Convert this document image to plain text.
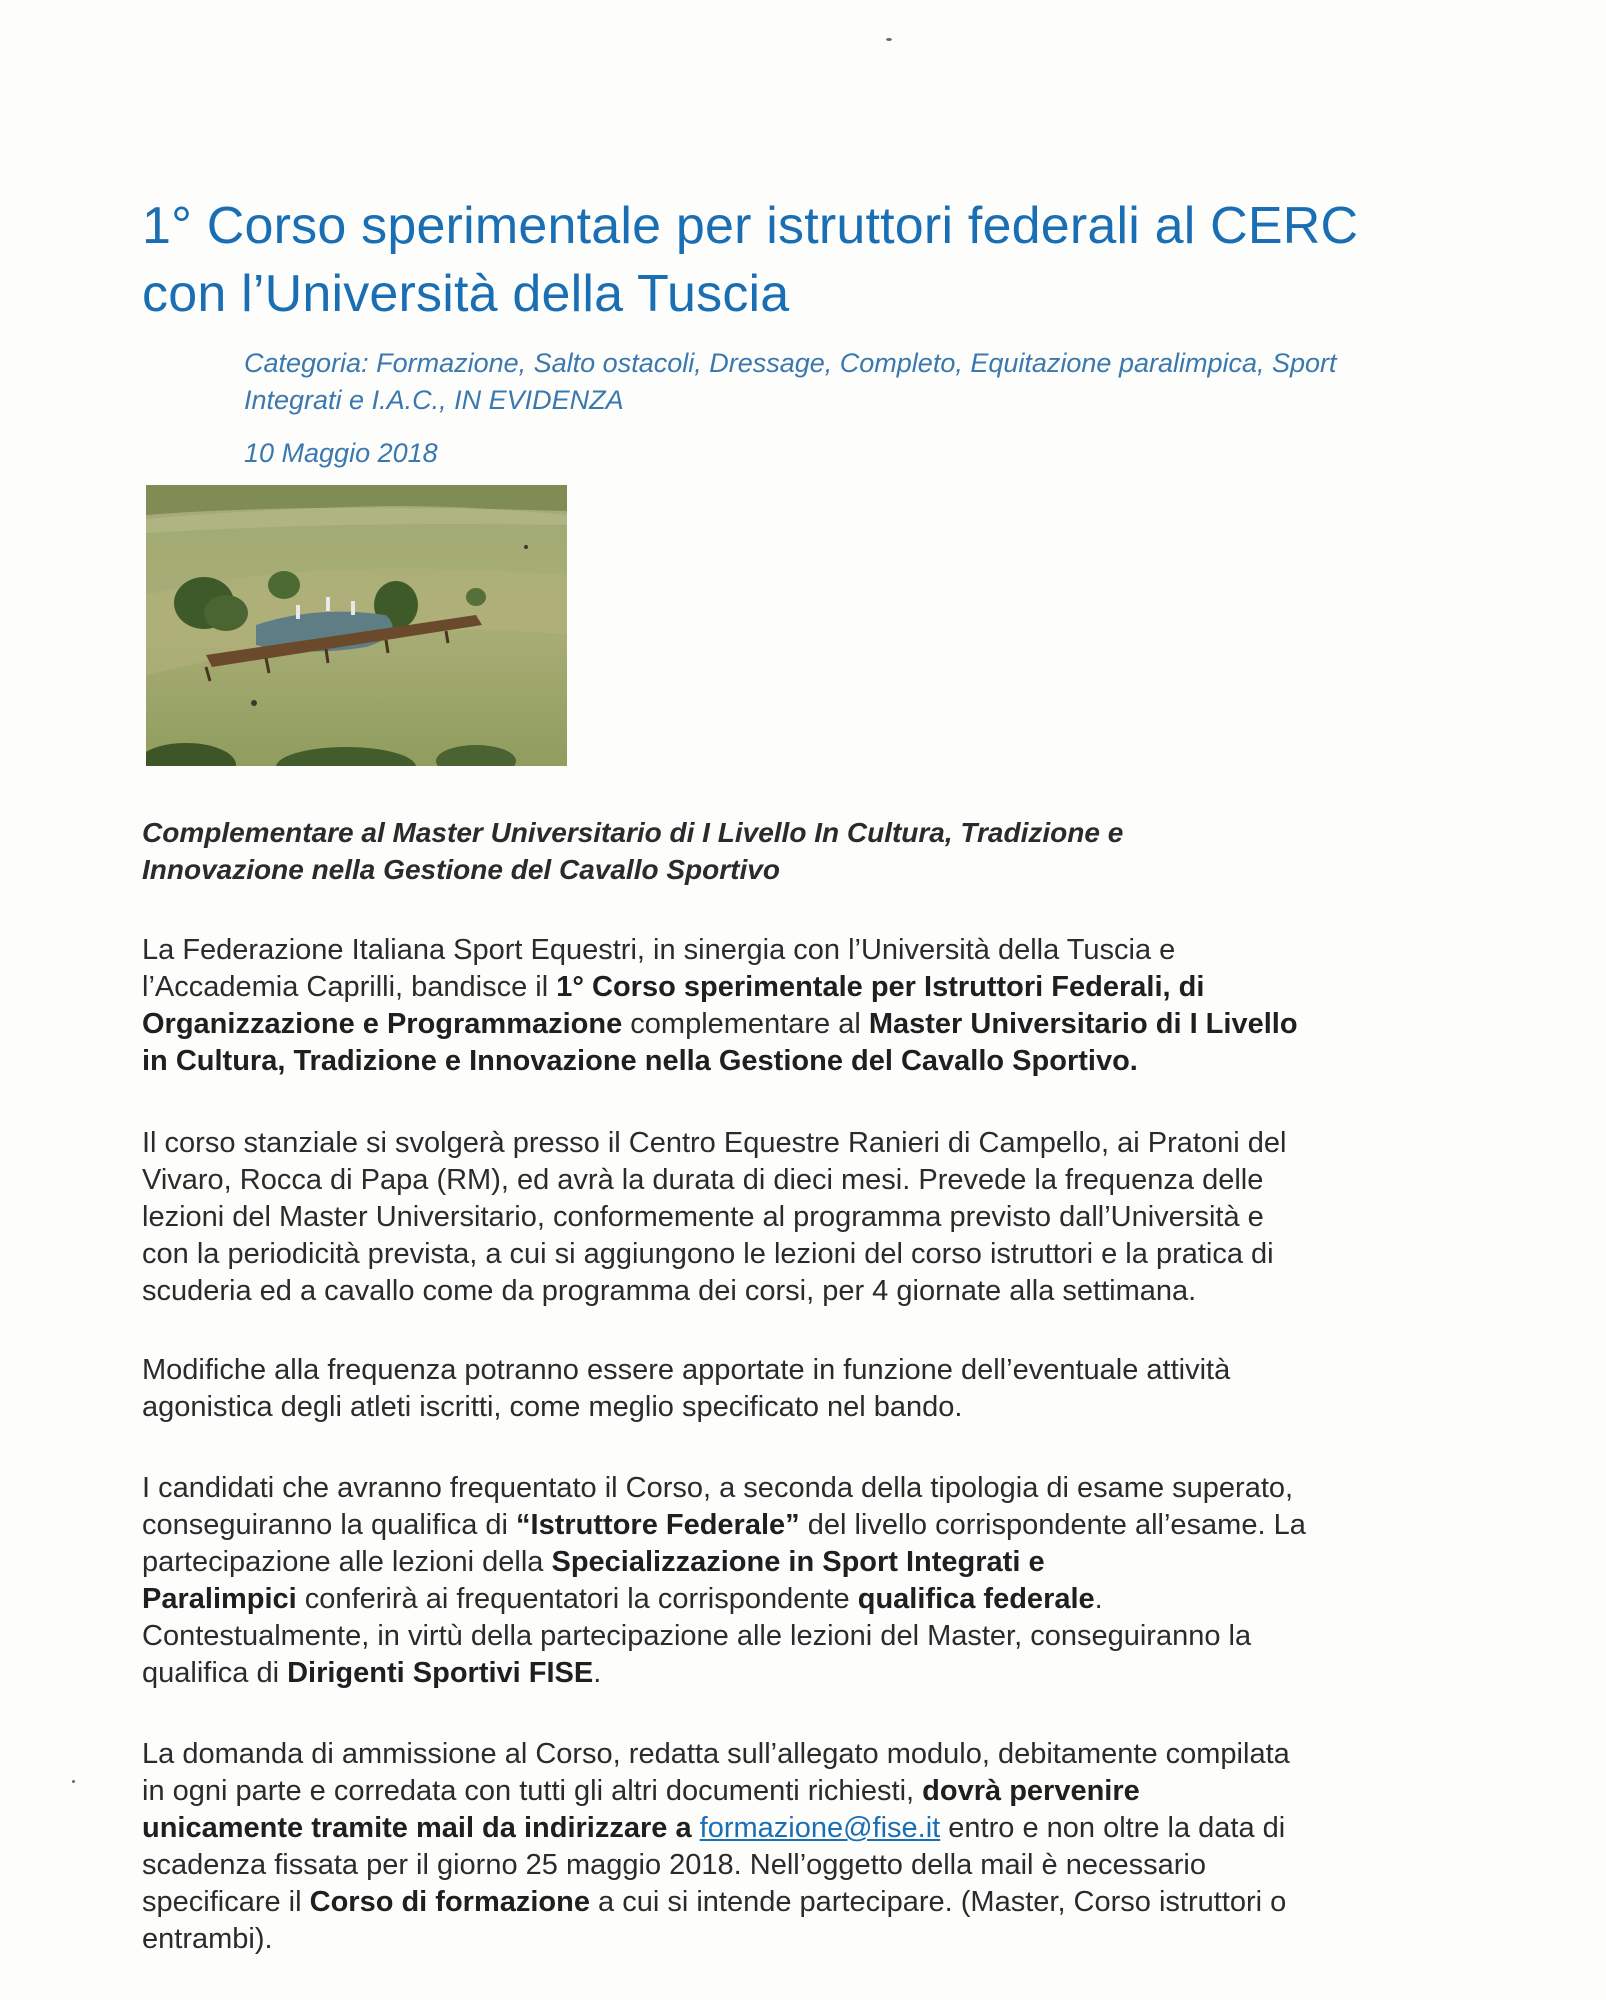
1° Corso sperimentale per istruttori federali al CERC
con l’Università della Tuscia
Categoria: Formazione, Salto ostacoli, Dressage, Completo, Equitazione paralimpica, Sport
Integrati e I.A.C., IN EVIDENZA
10 Maggio 2018
Complementare al Master Universitario di I Livello In Cultura, Tradizione e
Innovazione nella Gestione del Cavallo Sportivo
La Federazione Italiana Sport Equestri, in sinergia con l’Università della Tuscia e
l’Accademia Caprilli, bandisce il 1° Corso sperimentale per Istruttori Federali, di
Organizzazione e Programmazione complementare al Master Universitario di I Livello
in Cultura, Tradizione e Innovazione nella Gestione del Cavallo Sportivo.
Il corso stanziale si svolgerà presso il Centro Equestre Ranieri di Campello, ai Pratoni del
Vivaro, Rocca di Papa (RM), ed avrà la durata di dieci mesi. Prevede la frequenza delle
lezioni del Master Universitario, conformemente al programma previsto dall’Università e
con la periodicità prevista, a cui si aggiungono le lezioni del corso istruttori e la pratica di
scuderia ed a cavallo come da programma dei corsi, per 4 giornate alla settimana.
Modifiche alla frequenza potranno essere apportate in funzione dell’eventuale attività
agonistica degli atleti iscritti, come meglio specificato nel bando.
I candidati che avranno frequentato il Corso, a seconda della tipologia di esame superato,
conseguiranno la qualifica di “Istruttore Federale” del livello corrispondente all’esame. La
partecipazione alle lezioni della Specializzazione in Sport Integrati e
Paralimpici conferirà ai frequentatori la corrispondente qualifica federale.
Contestualmente, in virtù della partecipazione alle lezioni del Master, conseguiranno la
qualifica di Dirigenti Sportivi FISE.
La domanda di ammissione al Corso, redatta sull’allegato modulo, debitamente compilata
in ogni parte e corredata con tutti gli altri documenti richiesti, dovrà pervenire
unicamente tramite mail da indirizzare a formazione@fise.it entro e non oltre la data di
scadenza fissata per il giorno 25 maggio 2018. Nell’oggetto della mail è necessario
specificare il Corso di formazione a cui si intende partecipare. (Master, Corso istruttori o
entrambi).
